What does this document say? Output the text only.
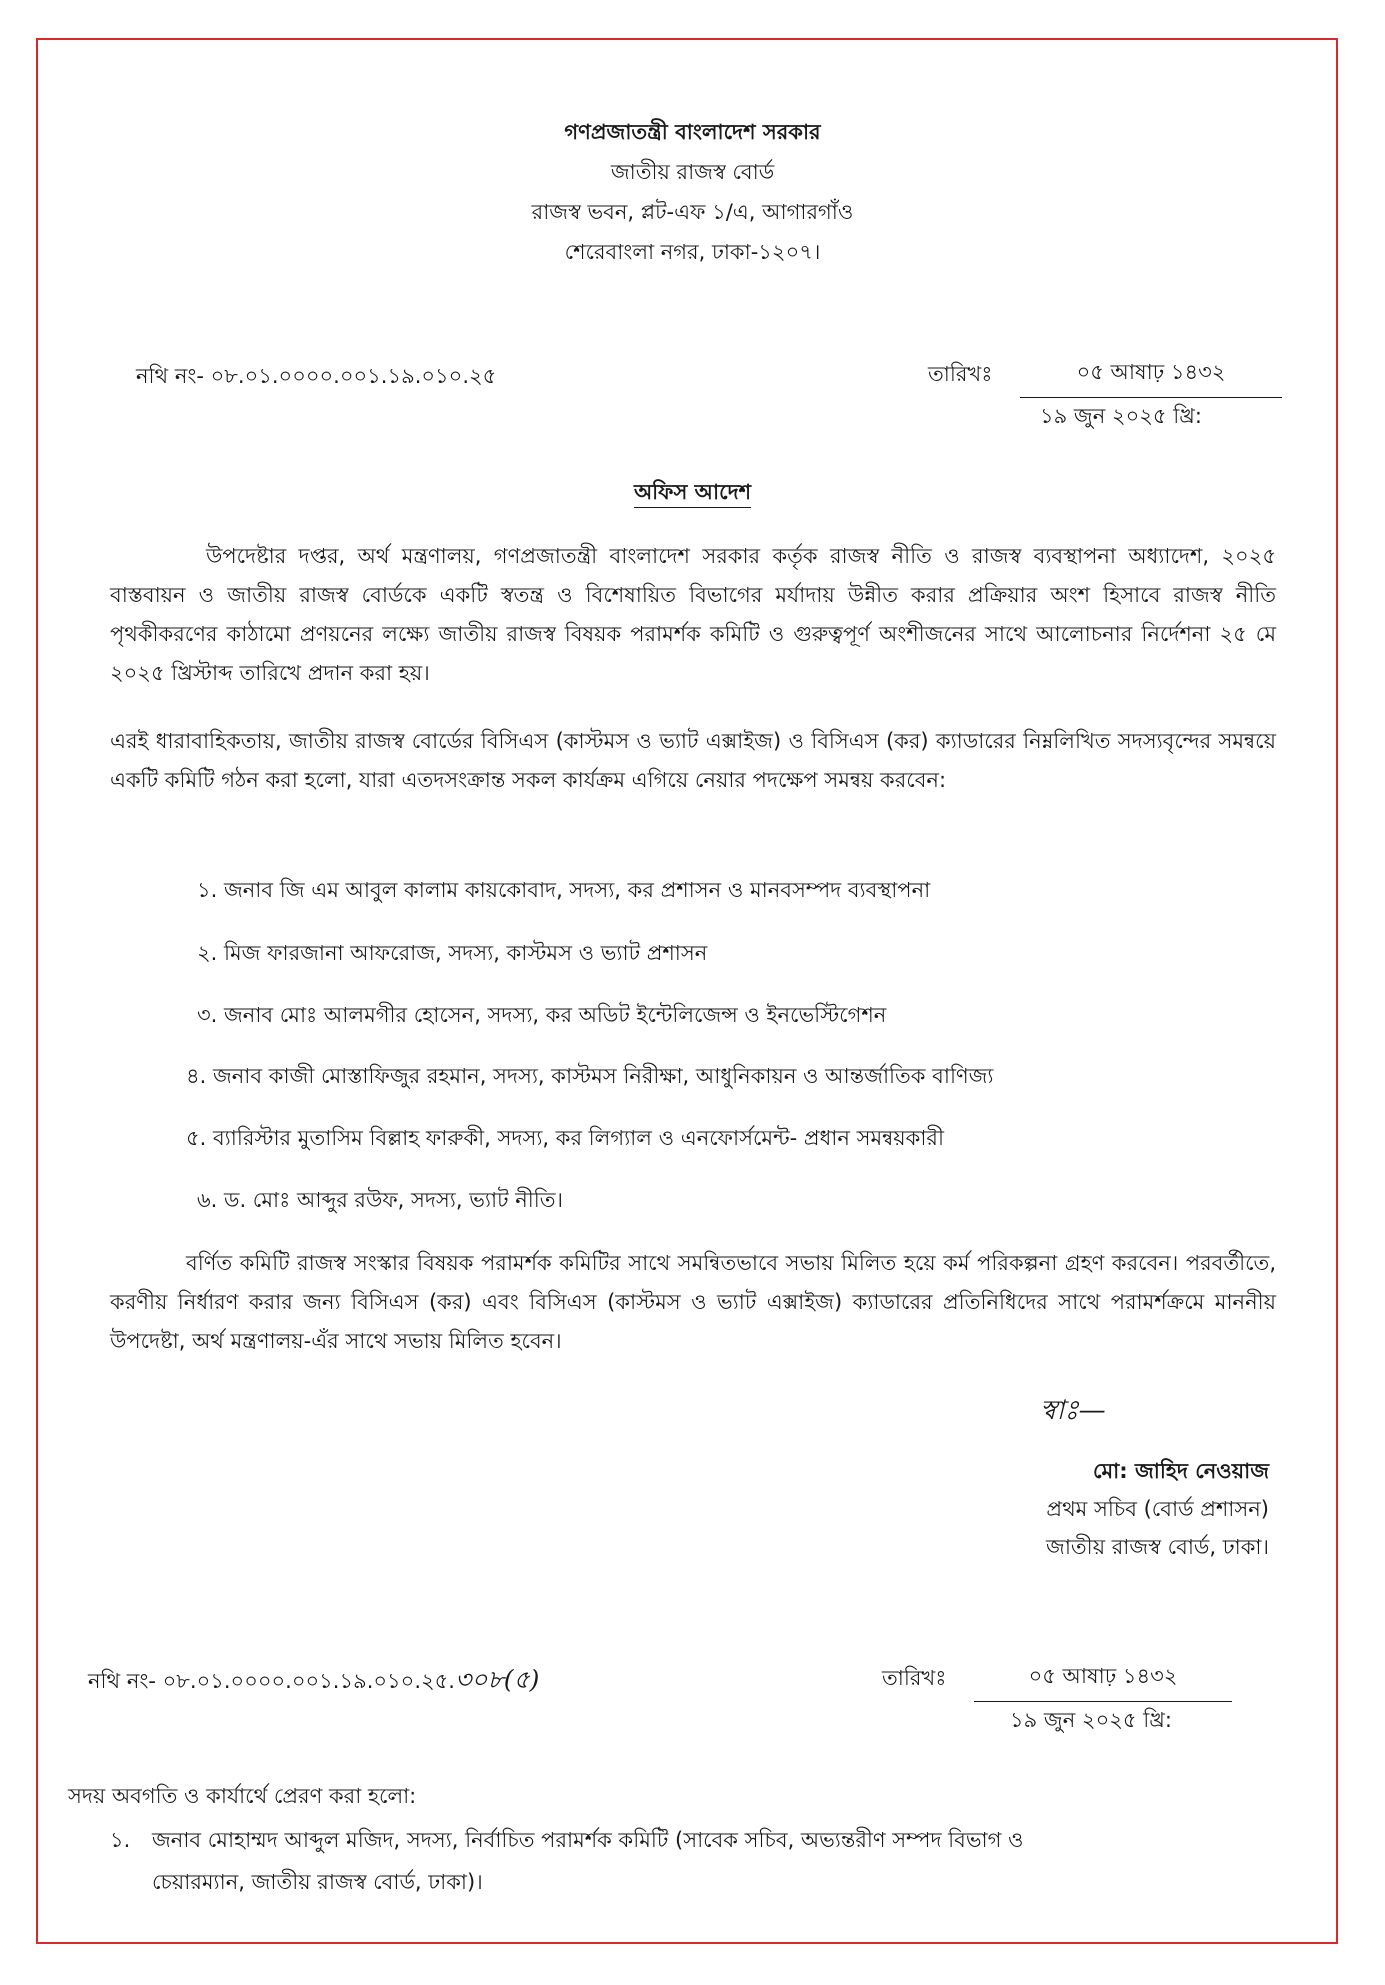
গণপ্রজাতন্ত্রী বাংলাদেশ সরকার
জাতীয় রাজস্ব বোর্ড
রাজস্ব ভবন, প্লট-এফ ১/এ, আগারগাঁও
শেরেবাংলা নগর, ঢাকা-১২০৭।
নথি নং- ০৮.০১.০০০০.০০১.১৯.০১০.২৫	তারিখঃ	০৫ আষাঢ় ১৪৩২
১৯ জুন ২০২৫ খ্রি:
অফিস আদেশ
উপদেষ্টার দপ্তর, অর্থ মন্ত্রণালয়, গণপ্রজাতন্ত্রী বাংলাদেশ সরকার কর্তৃক রাজস্ব নীতি ও রাজস্ব ব্যবস্থাপনা অধ্যাদেশ, ২০২৫ বাস্তবায়ন ও জাতীয় রাজস্ব বোর্ডকে একটি স্বতন্ত্র ও বিশেষায়িত বিভাগের মর্যাদায় উন্নীত করার প্রক্রিয়ার অংশ হিসাবে রাজস্ব নীতি পৃথকীকরণের কাঠামো প্রণয়নের লক্ষ্যে জাতীয় রাজস্ব বিষয়ক পরামর্শক কমিটি ও গুরুত্বপূর্ণ অংশীজনের সাথে আলোচনার নির্দেশনা ২৫ মে ২০২৫ খ্রিস্টাব্দ তারিখে প্রদান করা হয়।
এরই ধারাবাহিকতায়, জাতীয় রাজস্ব বোর্ডের বিসিএস (কাস্টমস ও ভ্যাট এক্সাইজ) ও বিসিএস (কর) ক্যাডারের নিম্নলিখিত সদস্যবৃন্দের সমন্বয়ে একটি কমিটি গঠন করা হলো, যারা এতদসংক্রান্ত সকল কার্যক্রম এগিয়ে নেয়ার পদক্ষেপ সমন্বয় করবেন:
১. জনাব জি এম আবুল কালাম কায়কোবাদ, সদস্য, কর প্রশাসন ও মানবসম্পদ ব্যবস্থাপনা
২. মিজ ফারজানা আফরোজ, সদস্য, কাস্টমস ও ভ্যাট প্রশাসন
৩. জনাব মোঃ আলমগীর হোসেন, সদস্য, কর অডিট ইন্টেলিজেন্স ও ইনভেস্টিগেশন
৪. জনাব কাজী মোস্তাফিজুর রহমান, সদস্য, কাস্টমস নিরীক্ষা, আধুনিকায়ন ও আন্তর্জাতিক বাণিজ্য
৫. ব্যারিস্টার মুতাসিম বিল্লাহ ফারুকী, সদস্য, কর লিগ্যাল ও এনফোর্সমেন্ট- প্রধান সমন্বয়কারী
৬. ড. মোঃ আব্দুর রউফ, সদস্য, ভ্যাট নীতি।
বর্ণিত কমিটি রাজস্ব সংস্কার বিষয়ক পরামর্শক কমিটির সাথে সমন্বিতভাবে সভায় মিলিত হয়ে কর্ম পরিকল্পনা গ্রহণ করবেন। পরবর্তীতে, করণীয় নির্ধারণ করার জন্য বিসিএস (কর) এবং বিসিএস (কাস্টমস ও ভ্যাট এক্সাইজ) ক্যাডারের প্রতিনিধিদের সাথে পরামর্শক্রমে মাননীয় উপদেষ্টা, অর্থ মন্ত্রণালয়-এঁর সাথে সভায় মিলিত হবেন।
স্বাঃ—
মো: জাহিদ নেওয়াজ
প্রথম সচিব (বোর্ড প্রশাসন)
জাতীয় রাজস্ব বোর্ড, ঢাকা।
নথি নং- ০৮.০১.০০০০.০০১.১৯.০১০.২৫.৩০৮(৫)	তারিখঃ	০৫ আষাঢ় ১৪৩২
১৯ জুন ২০২৫ খ্রি:
সদয় অবগতি ও কার্যার্থে প্রেরণ করা হলো:
১. জনাব মোহাম্মদ আব্দুল মজিদ, সদস্য, নির্বাচিত পরামর্শক কমিটি (সাবেক সচিব, অভ্যন্তরীণ সম্পদ বিভাগ ও
চেয়ারম্যান, জাতীয় রাজস্ব বোর্ড, ঢাকা)।
